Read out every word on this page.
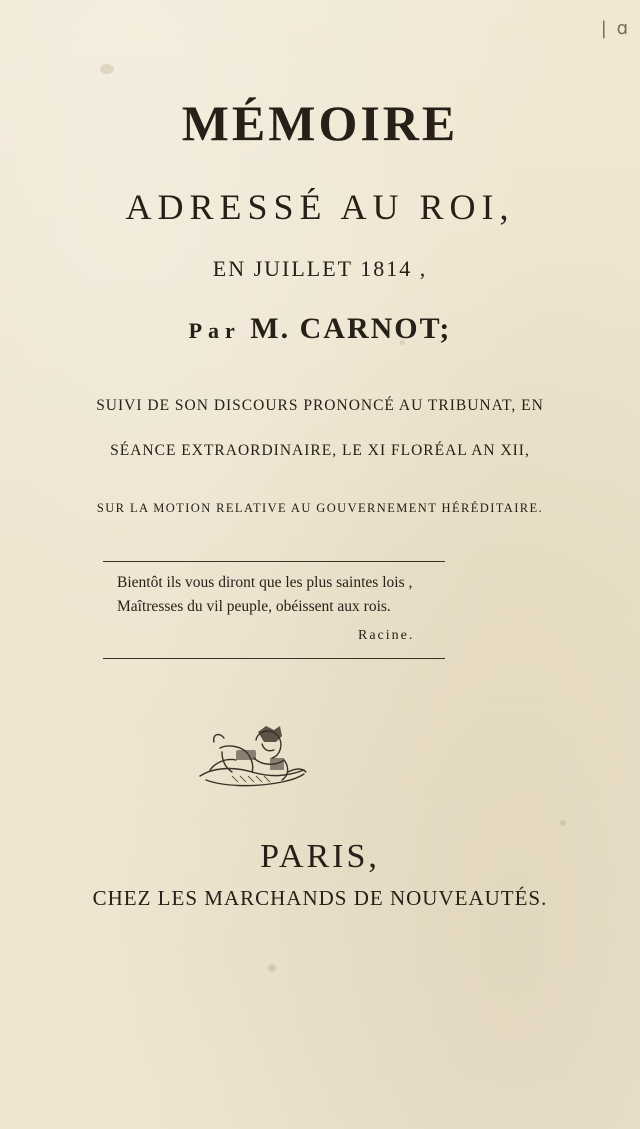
| ɑ
MÉMOIRE
ADRESSÉ AU ROI,
EN JUILLET 1814 ,
Par M. CARNOT;
SUIVI DE SON DISCOURS PRONONCÉ AU TRIBUNAT, EN
SÉANCE EXTRAORDINAIRE, LE XI FLORÉAL AN XII,
SUR LA MOTION RELATIVE AU GOUVERNEMENT HÉRÉDITAIRE.
Bientôt ils vous diront que les plus saintes lois ,
Maîtresses du vil peuple, obéissent aux rois.
Racine.
PARIS,
CHEZ LES MARCHANDS DE NOUVEAUTÉS.
